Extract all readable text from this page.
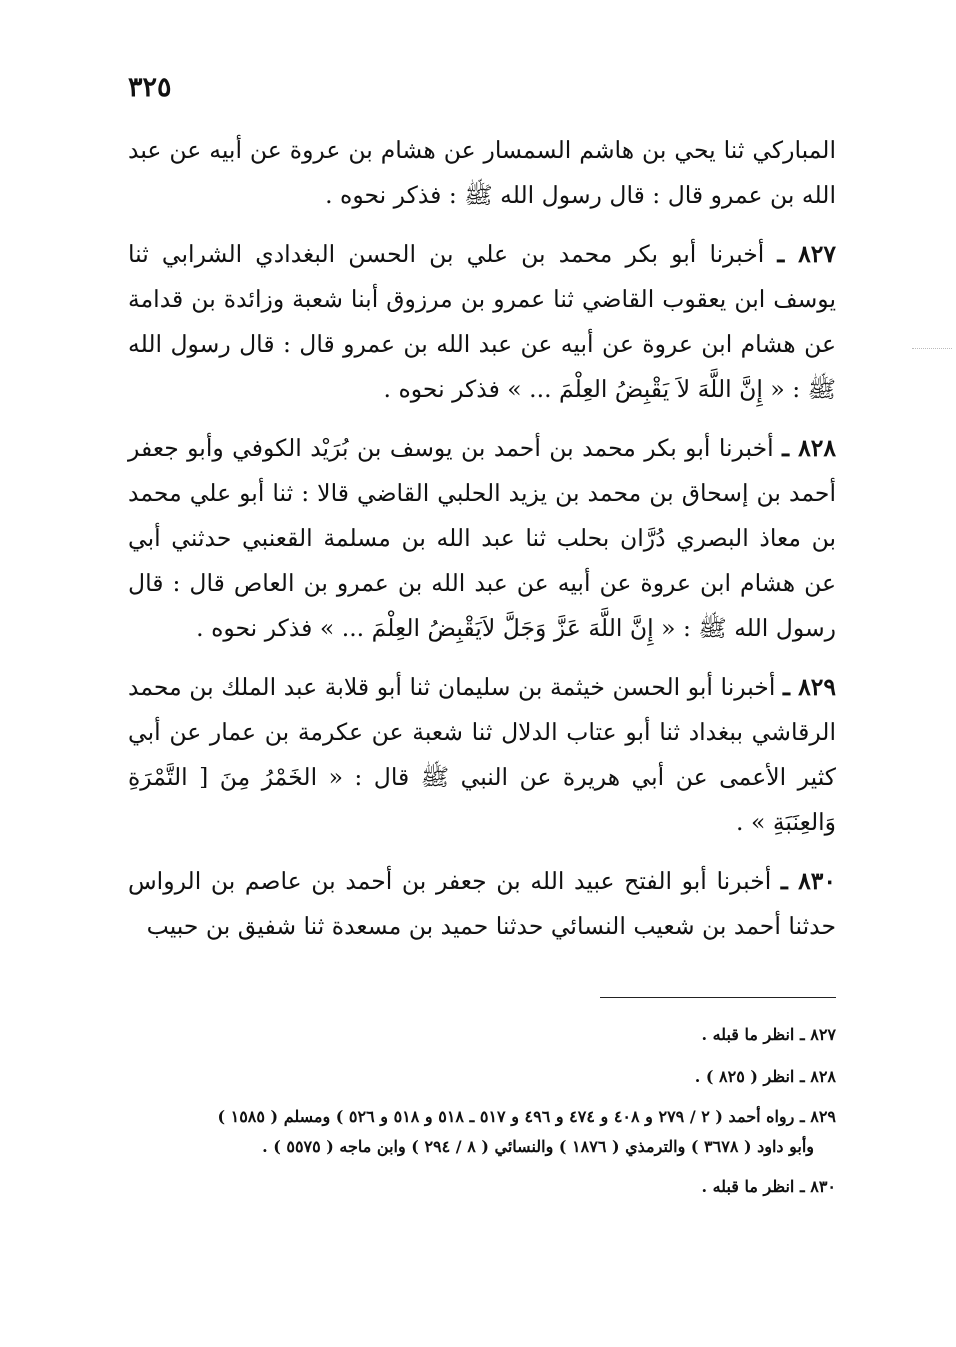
٣٢٥

المباركي ثنا يحي بن هاشم السمسار عن هشام بن عروة عن أبيه عن عبد الله بن عمرو قال : قال رسول الله ﷺ : فذكر نحوه .

٨٢٧ ـ أخبرنا أبو بكر محمد بن علي بن الحسن البغدادي الشرابي ثنا يوسف ابن يعقوب القاضي ثنا عمرو بن مرزوق أبنا شعبة وزائدة بن قدامة عن هشام ابن عروة عن أبيه عن عبد الله بن عمرو قال : قال رسول الله ﷺ : « إِنَّ اللَّهَ لاَ يَقْبِضُ العِلْمَ ... » فذكر نحوه .

٨٢٨ ـ أخبرنا أبو بكر محمد بن أحمد بن يوسف بن بُرَيْد الكوفي وأبو جعفر أحمد بن إسحاق بن محمد بن يزيد الحلبي القاضي قالا : ثنا أبو علي محمد بن معاذ البصري دُرَّان بحلب ثنا عبد الله بن مسلمة القعنبي حدثني أبي عن هشام ابن عروة عن أبيه عن عبد الله بن عمرو بن العاص قال : قال رسول الله ﷺ : « إِنَّ اللَّهَ عَزَّ وَجَلَّ لاَيَقْبِضُ العِلْمَ ... » فذكر نحوه .

٨٢٩ ـ أخبرنا أبو الحسن خيثمة بن سليمان ثنا أبو قلابة عبد الملك بن محمد الرقاشي ببغداد ثنا أبو عتاب الدلال ثنا شعبة عن عكرمة بن عمار عن أبي كثير الأعمى عن أبي هريرة عن النبي ﷺ قال : « الخَمْرُ مِنَ [ التَّمْرَةِ وَالعِنَبَةِ » .

٨٣٠ ـ أخبرنا أبو الفتح عبيد الله بن جعفر بن أحمد بن عاصم بن الرواس حدثنا أحمد بن شعيب النسائي حدثنا حميد بن مسعدة ثنا شفيق بن حبيب

٨٢٧ ـ انظر ما قبله .
٨٢٨ ـ انظر ( ٨٢٥ ) .
٨٢٩ ـ رواه أحمد ( ٢ / ٢٧٩ و ٤٠٨ و ٤٧٤ و ٤٩٦ و ٥١٧ ـ ٥١٨ و ٥١٨ و ٥٢٦ ) ومسلم ( ١٥٨٥ )
وأبو داود ( ٣٦٧٨ ) والترمذي ( ١٨٧٦ ) والنسائي ( ٨ / ٢٩٤ ) وابن ماجه ( ٥٥٧٥ ) .
٨٣٠ ـ انظر ما قبله .
